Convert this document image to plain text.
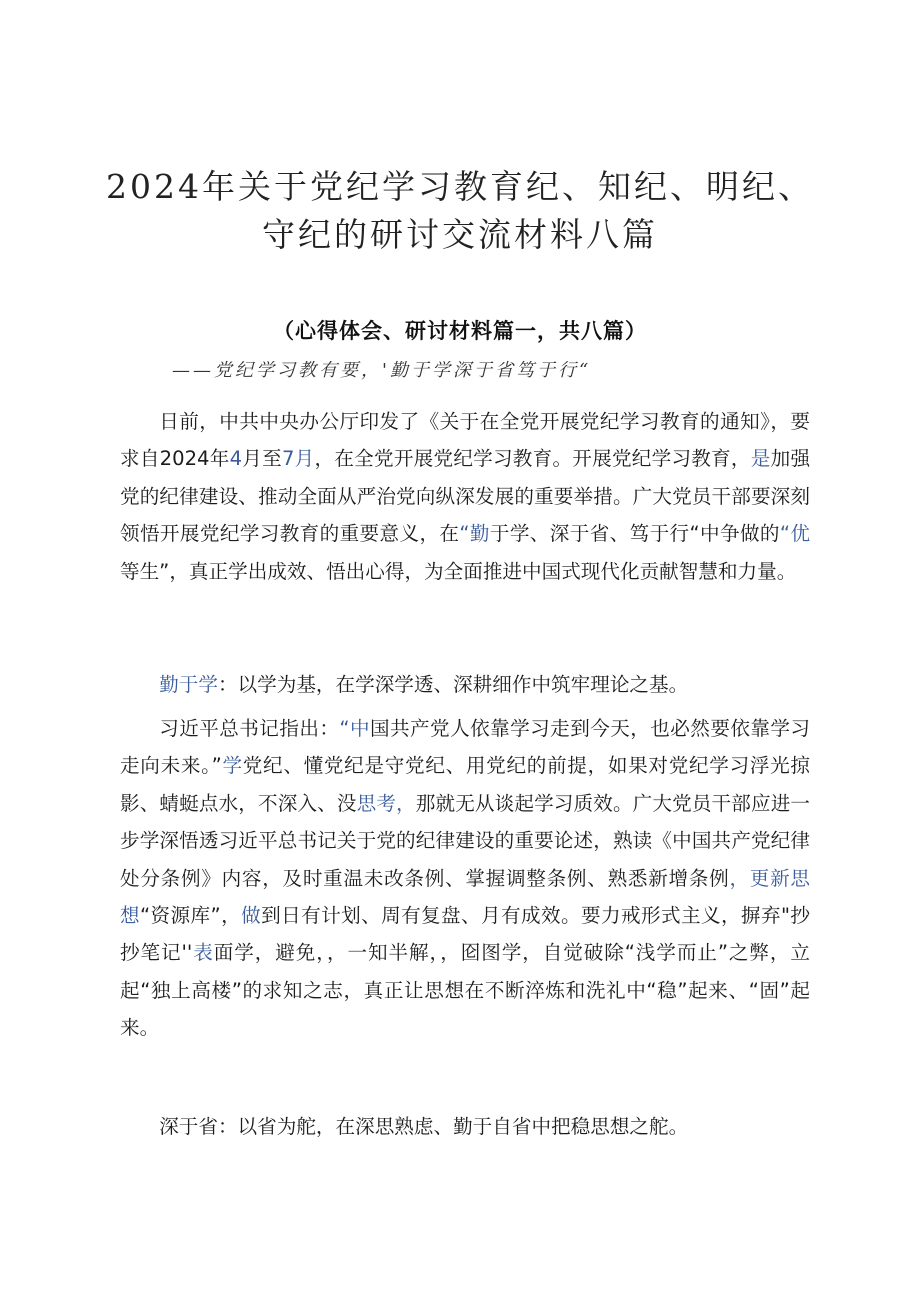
2024年关于党纪学习教育纪、知纪、明纪、
守纪的研讨交流材料八篇
（心得体会、研讨材料篇一，共八篇）
——党纪学习教有要，'勤于学深于省笃于行“

日前，中共中央办公厅印发了《关于在全党开展党纪学习教育的通知》，要求自2024年4月至7月，在全党开展党纪学习教育。开展党纪学习教育，是加强党的纪律建设、推动全面从严治党向纵深发展的重要举措。广大党员干部要深刻领悟开展党纪学习教育的重要意义，在“勤于学、深于省、笃于行“中争做的“优等生”，真正学出成效、悟出心得，为全面推进中国式现代化贡献智慧和力量。

勤于学：以学为基，在学深学透、深耕细作中筑牢理论之基。

习近平总书记指出：“中国共产党人依靠学习走到今天，也必然要依靠学习走向未来。”学党纪、懂党纪是守党纪、用党纪的前提，如果对党纪学习浮光掠影、蜻蜓点水，不深入、没思考，那就无从谈起学习质效。广大党员干部应进一步学深悟透习近平总书记关于党的纪律建设的重要论述，熟读《中国共产党纪律处分条例》内容，及时重温未改条例、掌握调整条例、熟悉新增条例，更新思想“资源库”，做到日有计划、周有复盘、月有成效。要力戒形式主义，摒弃"抄抄笔记''表面学，避免，，一知半解，，囵图学，自觉破除“浅学而止”之弊，立起“独上高楼”的求知之志，真正让思想在不断淬炼和洗礼中“稳”起来、“固”起来。

深于省：以省为舵，在深思熟虑、勤于自省中把稳思想之舵。
